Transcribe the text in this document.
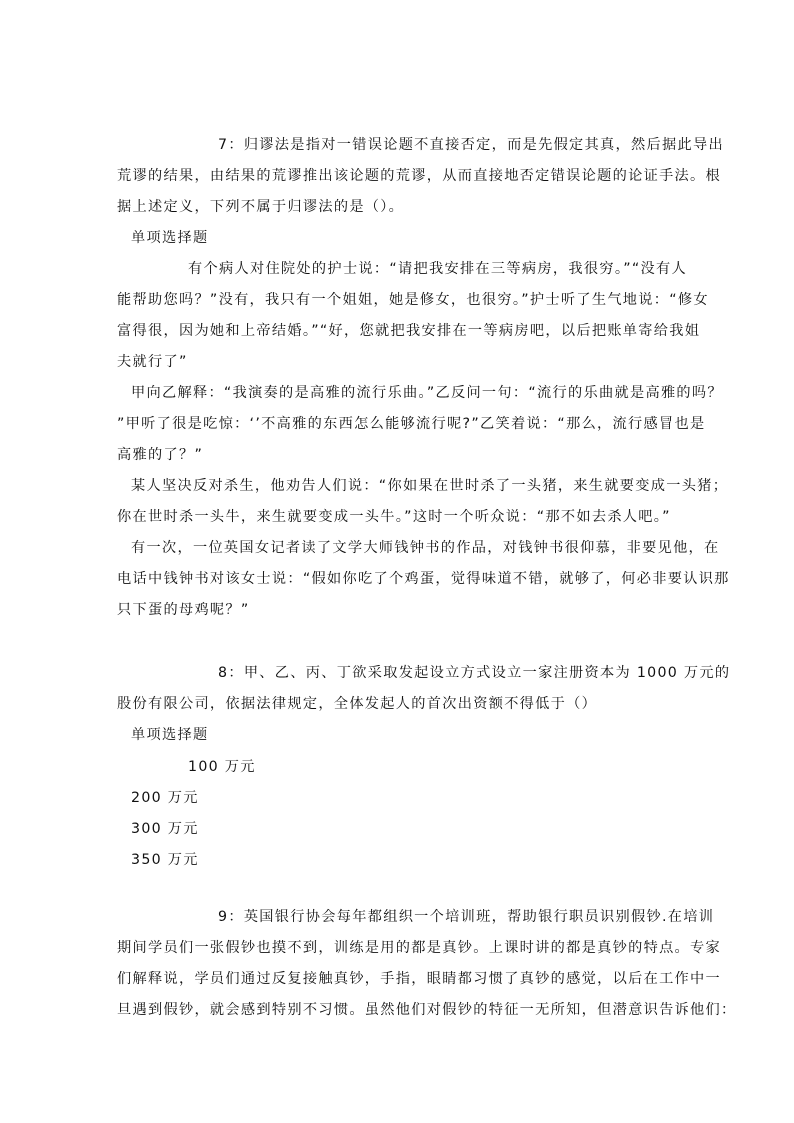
7：归谬法是指对一错误论题不直接否定，而是先假定其真，然后据此导出
荒谬的结果，由结果的荒谬推出该论题的荒谬，从而直接地否定错误论题的论证手法。根
据上述定义，下列不属于归谬法的是（）。
单项选择题
有个病人对住院处的护士说：“请把我安排在三等病房，我很穷。”“没有人
能帮助您吗？”没有，我只有一个姐姐，她是修女，也很穷。”护士听了生气地说：“修女
富得很，因为她和上帝结婚。”“好，您就把我安排在一等病房吧，以后把账单寄给我姐
夫就行了”
甲向乙解释：“我演奏的是高雅的流行乐曲。”乙反问一句：“流行的乐曲就是高雅的吗？
”甲听了很是吃惊：‘’不高雅的东西怎么能够流行呢?”乙笑着说：“那么，流行感冒也是
高雅的了？”
某人坚决反对杀生，他劝告人们说：“你如果在世时杀了一头猪，来生就要变成一头猪；
你在世时杀一头牛，来生就要变成一头牛。”这时一个听众说：“那不如去杀人吧。”
有一次，一位英国女记者读了文学大师钱钟书的作品，对钱钟书很仰慕，非要见他，在
电话中钱钟书对该女士说：“假如你吃了个鸡蛋，觉得味道不错，就够了，何必非要认识那
只下蛋的母鸡呢？”
8：甲、乙、丙、丁欲采取发起设立方式设立一家注册资本为 1000 万元的
股份有限公司，依据法律规定，全体发起人的首次出资额不得低于（）
单项选择题
100 万元
200 万元
300 万元
350 万元
9：英国银行协会每年都组织一个培训班，帮助银行职员识别假钞.在培训
期间学员们一张假钞也摸不到，训练是用的都是真钞。上课时讲的都是真钞的特点。专家
们解释说，学员们通过反复接触真钞，手指，眼睛都习惯了真钞的感觉，以后在工作中一
旦遇到假钞，就会感到特别不习惯。虽然他们对假钞的特征一无所知，但潜意识告诉他们：
